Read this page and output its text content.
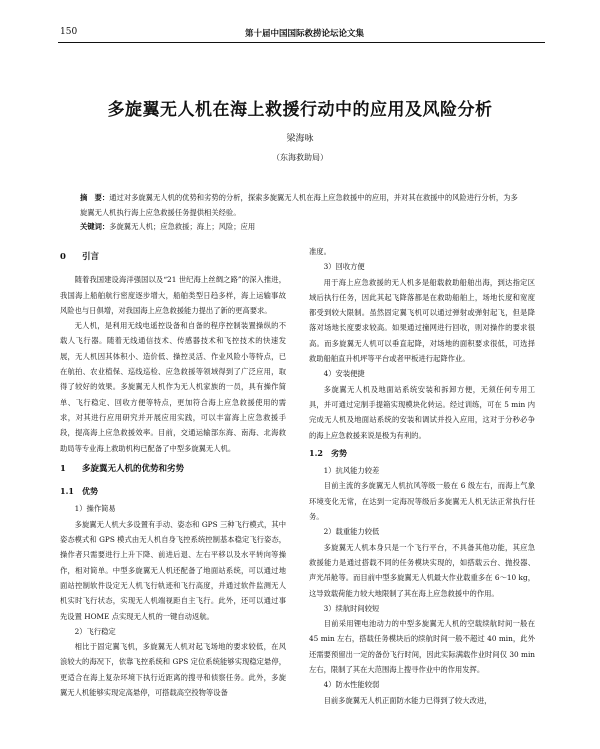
150	第十届中国国际救捞论坛论文集
多旋翼无人机在海上救援行动中的应用及风险分析
梁海咏
（东海救助局）
摘　要：通过对多旋翼无人机的优势和劣势的分析，探索多旋翼无人机在海上应急救援中的应用，并对其在救援中的风险进行分析，为多旋翼无人机执行海上应急救援任务提供相关经验。
关键词：多旋翼无人机；应急救援；海上；风险；应用
0 引言

随着我国建设海洋强国以及“21 世纪海上丝绸之路”的深入推进，我国海上船舶航行密度逐步增大，船舶类型日趋多样，海上运输事故风险也与日俱增，对我国海上应急救援能力提出了新的更高要求。

无人机，是利用无线电遥控设备和自备的程序控制装置操纵的不载人飞行器。随着无线通信技术、传感器技术和飞控技术的快速发展，无人机因其体积小、造价低、操控灵活、作业风险小等特点，已在航拍、农业植保、巡线巡检、应急救援等领域得到了广泛应用，取得了较好的效果。多旋翼无人机作为无人机家族的一员，具有操作简单、飞行稳定、回收方便等特点，更加符合海上应急救援使用的需求，对其进行应用研究并开展应用实践，可以丰富海上应急救援手段，提高海上应急救援效率。目前，交通运输部东海、南海、北海救助局等专业海上救助机构已配备了中型多旋翼无人机。

1 多旋翼无人机的优势和劣势
1.1 优势

1）操作简易

多旋翼无人机大多设置有手动、姿态和 GPS 三种飞行模式，其中姿态模式和 GPS 模式由无人机自身飞控系统控制基本稳定飞行姿态，操作者只需要进行上升下降、前进后退、左右平移以及水平转向等操作，相对简单。中型多旋翼无人机还配备了地面站系统，可以通过地面站控制软件设定无人机飞行轨迹和飞行高度，并通过软件监测无人机实时飞行状态，实现无人机端视距自主飞行。此外，还可以通过事先设置 HOME 点实现无人机的一键自动返航。

2）飞行稳定

相比于固定翼飞机，多旋翼无人机对起飞场地的要求较低，在风浪较大的海况下，依靠飞控系统和 GPS 定位系统能够实现稳定悬停，更适合在海上复杂环境下执行近距离的搜寻和侦察任务。此外，多旋翼无人机能够实现定高悬停，可搭载高空投物等设备

准度。

3）回收方便

用于海上应急救援的无人机多是船载救助船舶出海，到达指定区域后执行任务，因此其起飞降落都是在救助船舶上，场地长度和宽度都受到较大限制。虽然固定翼飞机可以通过弹射或弹射起飞，但是降落对场地长度要求较高。如果通过撞网进行回收，则对操作的要求很高。而多旋翼无人机可以垂直起降，对场地的面积要求很低，可选择救助船舶直升机坪等平台或者甲板进行起降作业。

4）安装便捷

多旋翼无人机及地面站系统安装和拆卸方便，无须任何专用工具，并可通过定制手提箱实现模块化转运。经过训练，可在 5 min 内完成无人机及地面站系统的安装和调试并投入应用，这对于分秒必争的海上应急救援来说是极为有利的。

1.2 劣势

1）抗风能力较差

目前主流的多旋翼无人机抗风等级一般在 6 级左右，而海上气象环境变化无常，在达到一定海况等级后多旋翼无人机无法正常执行任务。

2）载重能力较低

多旋翼无人机本身只是一个飞行平台，不具备其他功能，其应急救援能力是通过搭载不同的任务模块实现的，如搭载云台、抛投器、声光吊舱等。而目前中型多旋翼无人机最大作业载重多在 6～10 kg，这导致载荷能力较大地限制了其在海上应急救援中的作用。

3）续航时间较短

目前采用锂电池动力的中型多旋翼无人机的空载续航时间一般在 45 min 左右，搭载任务模块后的续航时间一般不超过 40 min，此外还需要预留出一定的备份飞行时间，因此实际满载作业时间仅 30 min 左右，限制了其在大范围海上搜寻作业中的作用发挥。

4）防水性能较弱

目前多旋翼无人机正面防水能力已得到了较大改进，
